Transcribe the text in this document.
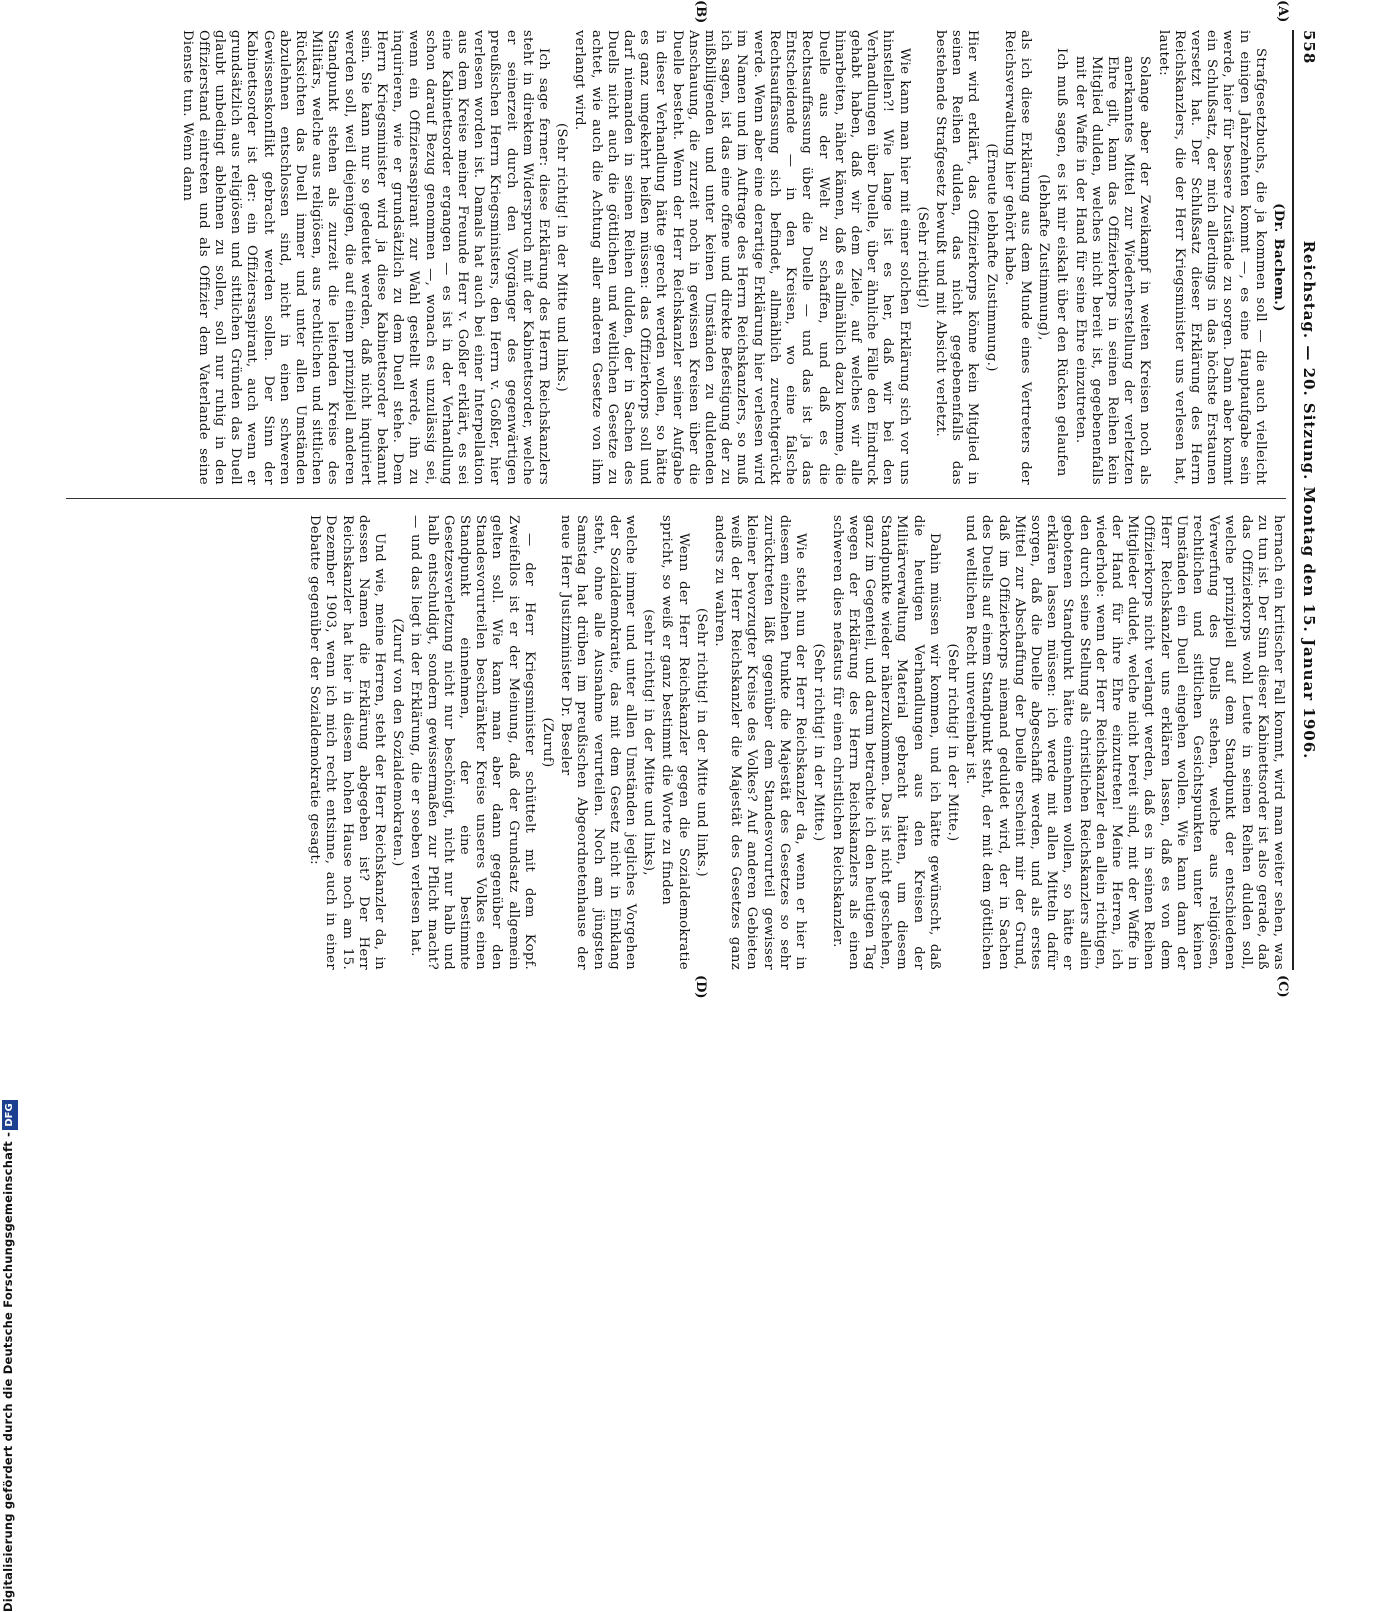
558
Reichstag. — 20. Sitzung. Montag den 15. Januar 1906.
(A)
(B)
(C)
(D)

(Dr. Bachem.)

Strafgesetzbuchs, die ja kommen soll — die auch vielleicht in einigen Jahrzehnten kommt —, es eine Hauptaufgabe sein werde, hier für bessere Zustände zu sorgen. Dann aber kommt ein Schlußsatz, der mich allerdings in das höchste Erstaunen versetzt hat. Der Schlußsatz dieser Erklärung des Herrn Reichskanzlers, die der Herr Kriegsminister uns verlesen hat, lautet:

Solange aber der Zweikampf in weiten Kreisen noch als anerkanntes Mittel zur Wiederherstellung der verletzten Ehre gilt, kann das Offizierkorps in seinen Reihen kein Mitglied dulden, welches nicht bereit ist, gegebenenfalls mit der Waffe in der Hand für seine Ehre einzutreten.

Ich muß sagen, es ist mir eiskalt über den Rücken gelaufen

(lebhafte Zustimmung),

als ich diese Erklärung aus dem Munde eines Vertreters der Reichsverwaltung hier gehört habe.

(Erneute lebhafte Zustimmung.)

Hier wird erklärt, das Offizierkorps könne kein Mitglied in seinen Reihen dulden, das nicht gegebenenfalls das bestehende Strafgesetz bewußt und mit Absicht verletzt.

(Sehr richtig!)

Wie kann man hier mit einer solchen Erklärung sich vor uns hinstellen?! Wie lange ist es her, daß wir bei den Verhandlungen über Duelle, über ähnliche Fälle den Eindruck gehabt haben, daß wir dem Ziele, auf welches wir alle hinarbeiten, näher kämen, daß es allmählich dazu komme, die Duelle aus der Welt zu schaffen, und daß es die Rechtsauffassung über die Duelle — und das ist ja das Entscheidende — in den Kreisen, wo eine falsche Rechtsauffassung sich befindet, allmählich zurechtgerückt werde. Wenn aber eine derartige Erklärung hier verlesen wird im Namen und im Auftrage des Herrn Reichskanzlers, so muß ich sagen, ist das eine offene und direkte Befestigung der zu mißbilligenden und unter keinen Umständen zu duldenden Anschauung, die zurzeit noch in gewissen Kreisen über die Duelle besteht. Wenn der Herr Reichskanzler seiner Aufgabe in dieser Verhandlung hätte gerecht werden wollen, so hätte es ganz umgekehrt heißen müssen: das Offizierkorps soll und darf niemanden in seinen Reihen dulden, der in Sachen des Duells nicht auch die göttlichen und weltlichen Gesetze zu achtet, wie auch die Achtung aller anderen Gesetze von ihm verlangt wird.

(Sehr richtig! in der Mitte und links.)

Ich sage ferner: diese Erklärung des Herrn Reichskanzlers steht in direktem Widerspruch mit der Kabinettsorder, welche er seinerzeit durch den Vorgänger des gegenwärtigen preußischen Herrn Kriegsministers, den Herrn v. Goßler, hier verlesen worden ist. Damals hat auch bei einer Interpellation aus dem Kreise meiner Freunde Herr v. Goßler erklärt, es sei eine Kabinettsorder ergangen — es ist in der Verhandlung schon darauf Bezug genommen —, wonach es unzulässig sei, wenn ein Offiziersaspirant zur Wahl gestellt werde, ihn zu inquirieren, wie er grundsätzlich zu dem Duell stehe. Dem Herrn Kriegsminister wird ja diese Kabinettsorder bekannt sein. Sie kann nur so gedeutet werden, daß nicht inquiriert werden soll, weil diejenigen, die auf einem prinzipiell anderen Standpunkt stehen als zurzeit die leitenden Kreise des Militärs, welche aus religiösen, aus rechtlichen und sittlichen Rücksichten das Duell immer und unter allen Umständen abzulehnen entschlossen sind, nicht in einen schweren Gewissenskonflikt gebracht werden sollen. Der Sinn der Kabinettsorder ist der: ein Offiziersaspirant, auch wenn er grundsätzlich aus religiösen und sittlichen Gründen das Duell glaubt unbedingt ablehnen zu sollen, soll nur ruhig in den Offizierstand eintreten und als Offizier dem Vaterlande seine Dienste tun. Wenn dann

hernach ein kritischer Fall kommt, wird man weiter sehen, was zu tun ist. Der Sinn dieser Kabinettsorder ist also gerade, daß das Offizierkorps wohl Leute in seinen Reihen dulden soll, welche prinzipiell auf dem Standpunkt der entschiedenen Verwerfung des Duells stehen, welche aus religiösen, rechtlichen und sittlichen Gesichtspunkten unter keinen Umständen ein Duell eingehen wollen. Wie kann dann der Herr Reichskanzler uns erklären lassen, daß es von dem Offizierkorps nicht verlangt werden, daß es in seinen Reihen Mitglieder duldet, welche nicht bereit sind, mit der Waffe in der Hand für ihre Ehre einzutreten! Meine Herren, ich wiederhole: wenn der Herr Reichskanzler den allein richtigen, den durch seine Stellung als christlichen Reichskanzlers allein gebotenen Standpunkt hätte einnehmen wollen, so hätte er erklären lassen müssen: ich werde mit allen Mitteln dafür sorgen, daß die Duelle abgeschafft werden, und als erstes Mittel zur Abschaffung der Duelle erscheint mir der Grund, daß im Offizierkorps niemand geduldet wird, der in Sachen des Duells auf einem Standpunkt steht, der mit dem göttlichen und weltlichen Recht unvereinbar ist.

(Sehr richtig! in der Mitte.)

Dahin müssen wir kommen, und ich hätte gewünscht, daß die heutigen Verhandlungen aus den Kreisen der Militärverwaltung Material gebracht hätten, um diesem Standpunkte wieder näherzukommen. Das ist nicht geschehen, ganz im Gegenteil, und darum betrachte ich den heutigen Tag wegen der Erklärung des Herrn Reichskanzlers als einen schweren dies nefastus für einen christlichen Reichskanzler.

(Sehr richtig! in der Mitte.)

Wie steht nun der Herr Reichskanzler da, wenn er hier in diesem einzelnen Punkte die Majestät des Gesetzes so sehr zurücktreten läßt gegenüber dem Standesvorurteil gewisser kleiner bevorzugter Kreise des Volkes? Auf anderen Gebieten weiß der Herr Reichskanzler die Majestät des Gesetzes ganz anders zu wahren.

(Sehr richtig! in der Mitte und links.)

Wenn der Herr Reichskanzler gegen die Sozialdemokratie spricht, so weiß er ganz bestimmt die Worte zu finden

(sehr richtig! in der Mitte und links),

welche immer und unter allen Umständen jegliches Vorgehen der Sozialdemokratie, das mit dem Gesetz nicht in Einklang steht, ohne alle Ausnahme verurteilen. Noch am jüngsten Samstag hat drüben im preußischen Abgeordnetenhause der neue Herr Justizminister Dr. Beseler

(Zuruf)

— der Herr Kriegsminister schüttelt mit dem Kopf. Zweifellos ist er der Meinung, daß der Grundsatz allgemein gelten soll. Wie kann man aber dann gegenüber den Standesvorurteilen beschränkter Kreise unseres Volkes einen Standpunkt einnehmen, der eine bestimmte Gesetzesverletzung nicht nur beschönigt, nicht nur halb und halb entschuldigt, sondern gewissermaßen zur Pflicht macht? — und das liegt in der Erklärung, die er soeben verlesen hat.

(Zuruf von den Sozialdemokraten.)

Und wie, meine Herren, steht der Herr Reichskanzler da, in dessen Namen die Erklärung abgegeben ist? Der Herr Reichskanzler hat hier in diesem hohen Hause noch am 15. Dezember 1903, wenn ich mich recht entsinne, auch in einer Debatte gegenüber der Sozialdemokratie gesagt:

Digitalisierung gefördert durch die Deutsche Forschungsgemeinschaft -
DFG
